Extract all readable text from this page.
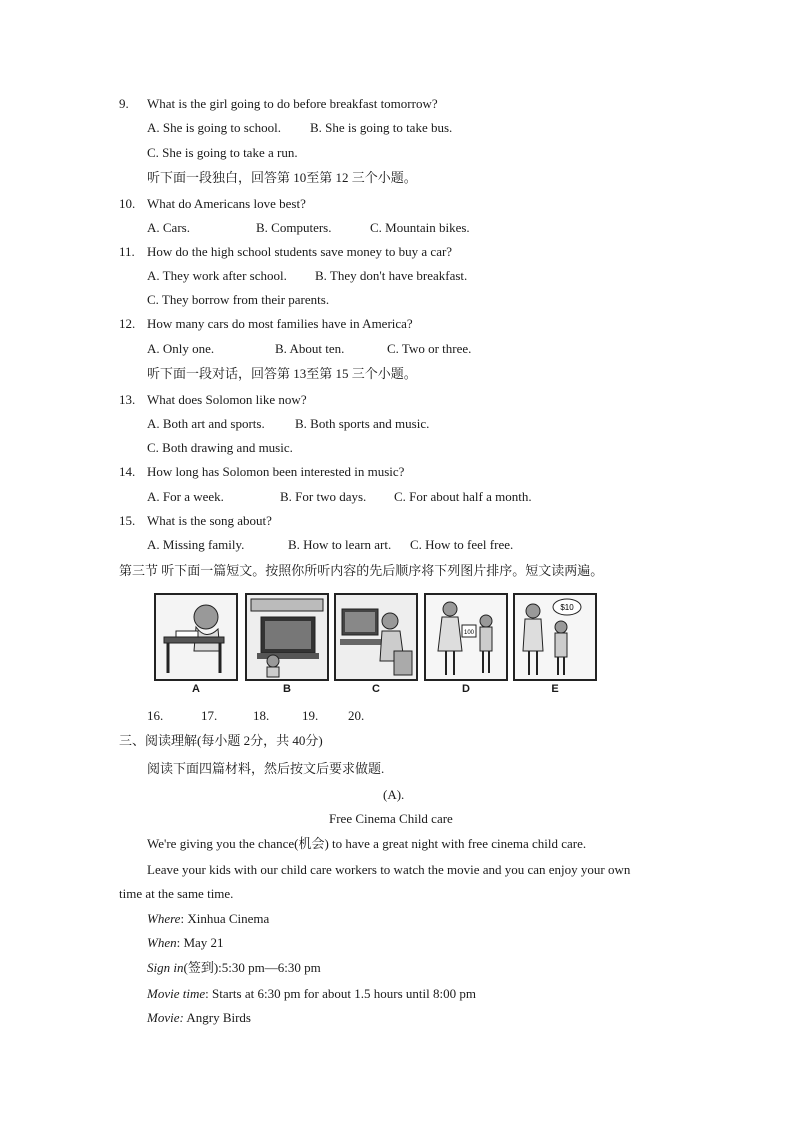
9. What is the girl going to do before breakfast tomorrow?
A. She is going to school. B. She is going to take bus.
C. She is going to take a run.
听下面一段独白，回答第 10至第 12 三个小题。
10. What do Americans love best?
A. Cars.	B. Computers.	C. Mountain bikes.
11. How do the high school students save money to buy a car?
A. They work after school. B. They don't have breakfast.
C. They borrow from their parents.
12. How many cars do most families have in America?
A. Only one.	B. About ten.	C. Two or three.
听下面一段对话，回答第 13至第 15 三个小题。
13. What does Solomon like now?
A. Both art and sports. B. Both sports and music.
C. Both drawing and music.
14. How long has Solomon been interested in music?
A. For a week.	B. For two days. C. For about half a month.
15. What is the song about?
A. Missing family.	B. How to learn art. C. How to feel free.
第三节 听下面一篇短文。按照你所听内容的先后顺序将下列图片排序。短文读两遍。
100
$10
A	B	C	D	E
16.	17.	18.	19. 20.
三、阅读理解(每小题 2分，共 40分)
阅读下面四篇材料，然后按文后要求做题.
(A).
Free Cinema Child care
We're giving you the chance(机会) to have a great night with free cinema child care.
Leave your kids with our child care workers to watch the movie and you can enjoy your own
time at the same time.
Where: Xinhua Cinema
When: May 21
Sign in(签到):5:30 pm—6:30 pm
Movie time: Starts at 6:30 pm for about 1.5 hours until 8:00 pm
Movie: Angry Birds
